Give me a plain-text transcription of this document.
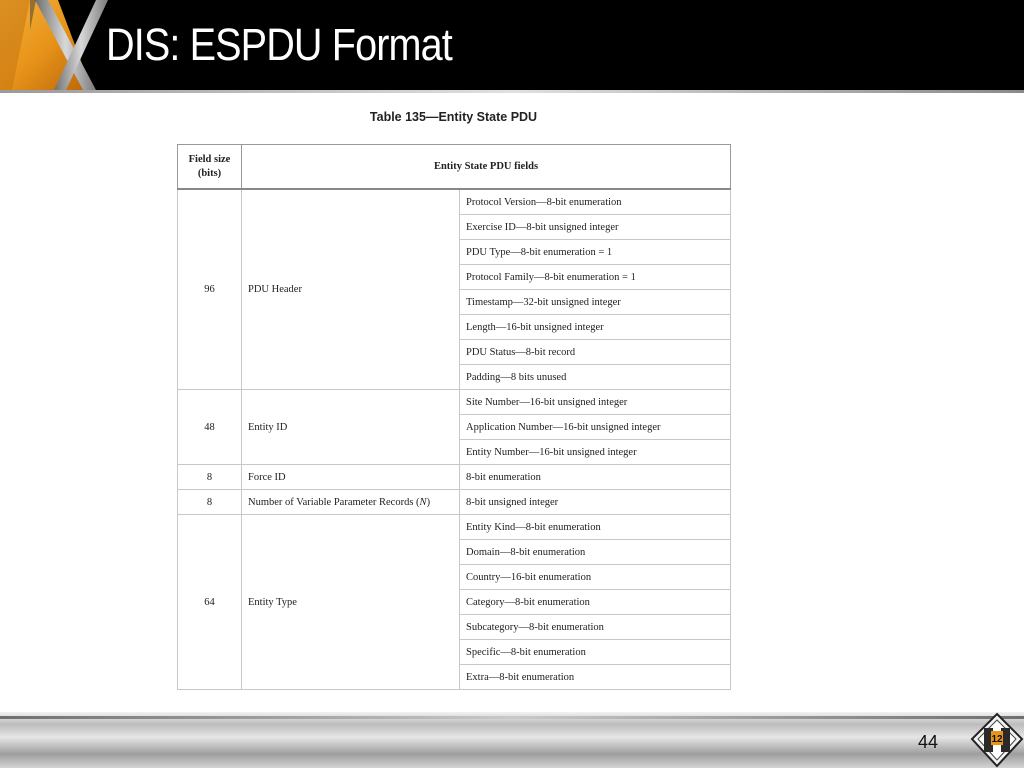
DIS: ESPDU Format
Table 135—Entity State PDU
Field size (bits)	Entity State PDU fields	
96	PDU Header	Protocol Version—8-bit enumeration
		Exercise ID—8-bit unsigned integer
		PDU Type—8-bit enumeration = 1
		Protocol Family—8-bit enumeration = 1
		Timestamp—32-bit unsigned integer
		Length—16-bit unsigned integer
		PDU Status—8-bit record
		Padding—8 bits unused
48	Entity ID	Site Number—16-bit unsigned integer
		Application Number—16-bit unsigned integer
		Entity Number—16-bit unsigned integer
8	Force ID	8-bit enumeration
8	Number of Variable Parameter Records (N)	8-bit unsigned integer
64	Entity Type	Entity Kind—8-bit enumeration
		Domain—8-bit enumeration
		Country—16-bit enumeration
		Category—8-bit enumeration
		Subcategory—8-bit enumeration
		Specific—8-bit enumeration
		Extra—8-bit enumeration
44	12
